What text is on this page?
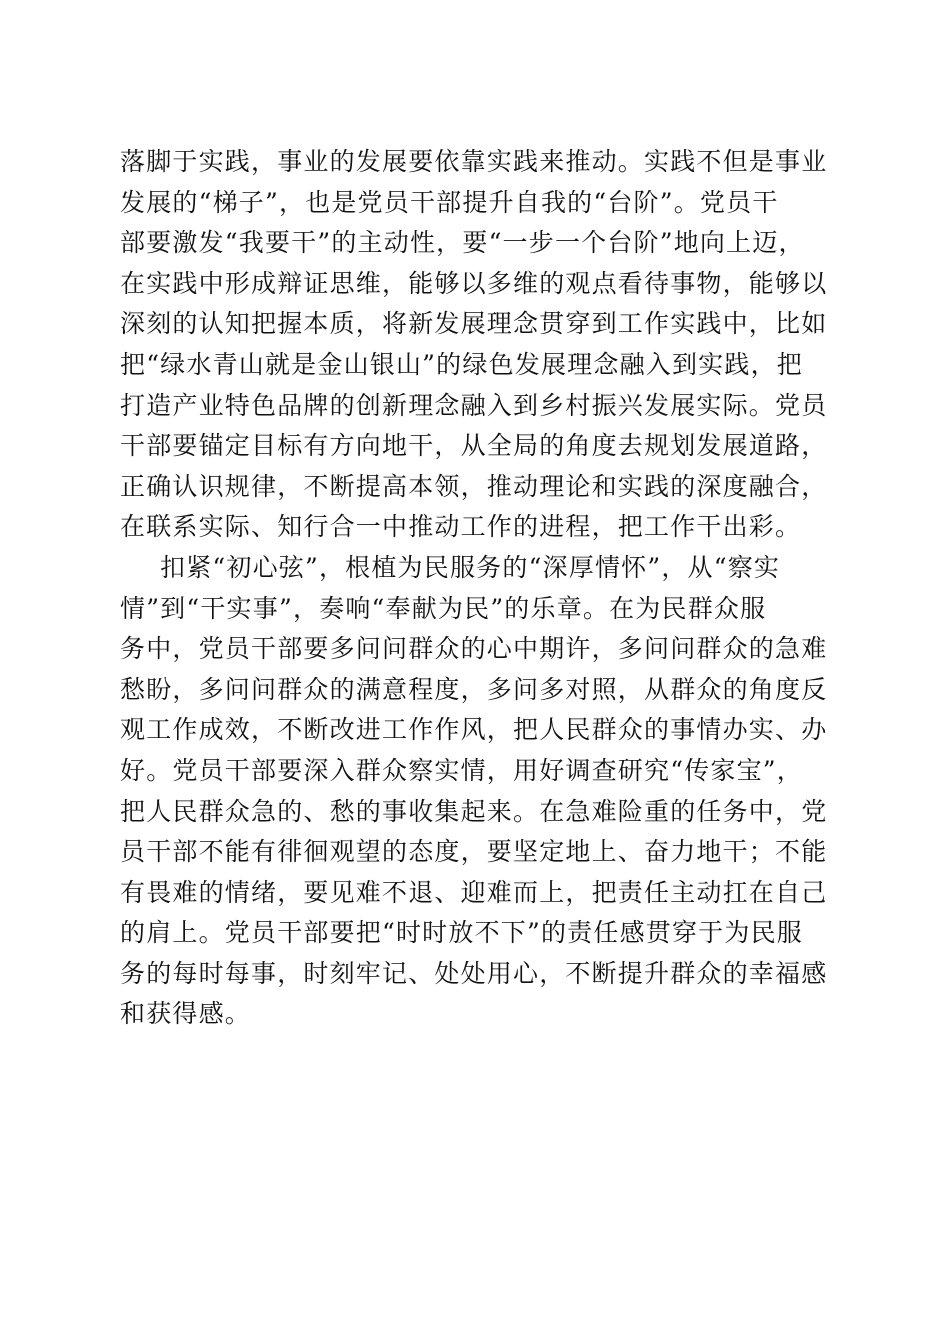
落脚于实践，事业的发展要依靠实践来推动。实践不但是事业
发展的“梯子”，也是党员干部提升自我的“台阶”。党员干
部要激发“我要干”的主动性，要“一步一个台阶”地向上迈，
在实践中形成辩证思维，能够以多维的观点看待事物，能够以
深刻的认知把握本质，将新发展理念贯穿到工作实践中，比如
把“绿水青山就是金山银山”的绿色发展理念融入到实践，把
打造产业特色品牌的创新理念融入到乡村振兴发展实际。党员
干部要锚定目标有方向地干，从全局的角度去规划发展道路，
正确认识规律，不断提高本领，推动理论和实践的深度融合，
在联系实际、知行合一中推动工作的进程，把工作干出彩。
扣紧“初心弦”，根植为民服务的“深厚情怀”，从“察实
情”到“干实事”，奏响“奉献为民”的乐章。在为民群众服
务中，党员干部要多问问群众的心中期许，多问问群众的急难
愁盼，多问问群众的满意程度，多问多对照，从群众的角度反
观工作成效，不断改进工作作风，把人民群众的事情办实、办
好。党员干部要深入群众察实情，用好调查研究“传家宝”，
把人民群众急的、愁的事收集起来。在急难险重的任务中，党
员干部不能有徘徊观望的态度，要坚定地上、奋力地干；不能
有畏难的情绪，要见难不退、迎难而上，把责任主动扛在自己
的肩上。党员干部要把“时时放不下”的责任感贯穿于为民服
务的每时每事，时刻牢记、处处用心，不断提升群众的幸福感
和获得感。
